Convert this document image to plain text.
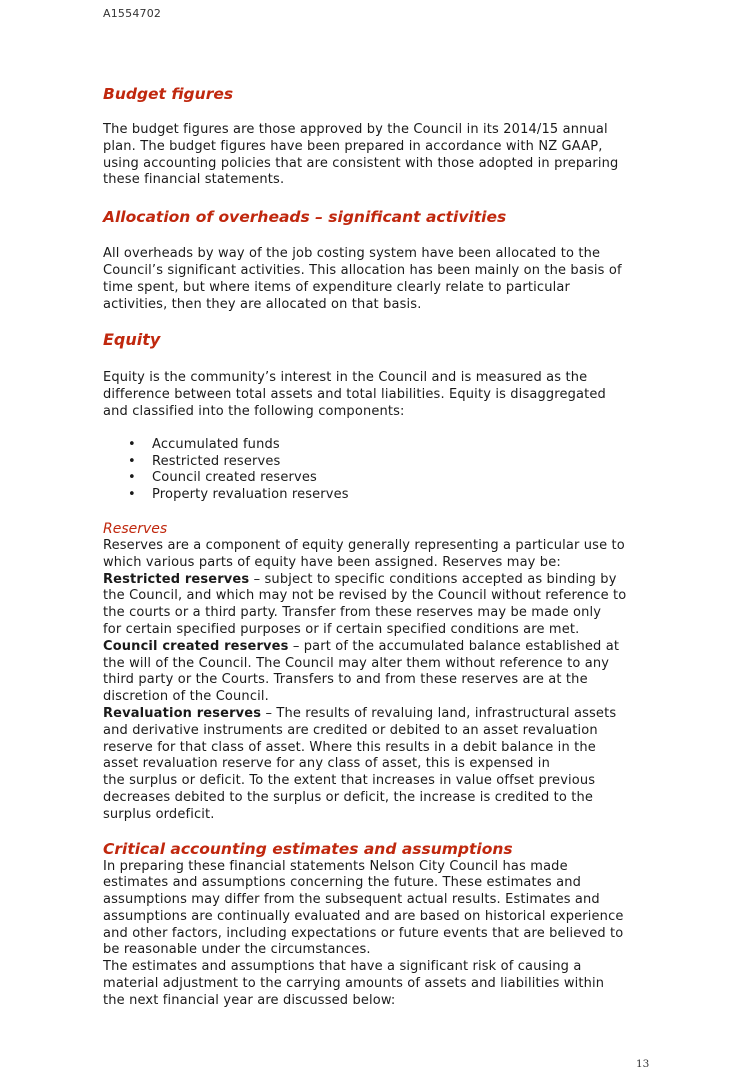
A1554702
Budget figures

The budget figures are those approved by the Council in its 2014/15 annual

plan. The budget figures have been prepared in accordance with NZ GAAP,

using accounting policies that are consistent with those adopted in preparing

these financial statements.

Allocation of overheads – significant activities

All overheads by way of the job costing system have been allocated to the

Council’s significant activities. This allocation has been mainly on the basis of

time spent, but where items of expenditure clearly relate to particular

activities, then they are allocated on that basis.

Equity

Equity is the community’s interest in the Council and is measured as the

difference between total assets and total liabilities. Equity is disaggregated

and classified into the following components:

• Accumulated funds
• Restricted reserves
• Council created reserves
• Property revaluation reserves
Reserves

Reserves are a component of equity generally representing a particular use to

which various parts of equity have been assigned. Reserves may be:

Restricted reserves – subject to specific conditions accepted as binding by

the Council, and which may not be revised by the Council without reference to

the courts or a third party. Transfer from these reserves may be made only

for certain specified purposes or if certain specified conditions are met.

Council created reserves – part of the accumulated balance established at

the will of the Council. The Council may alter them without reference to any

third party or the Courts. Transfers to and from these reserves are at the

discretion of the Council.

Revaluation reserves – The results of revaluing land, infrastructural assets

and derivative instruments are credited or debited to an asset revaluation

reserve for that class of asset. Where this results in a debit balance in the

asset revaluation reserve for any class of asset, this is expensed in

the surplus or deficit. To the extent that increases in value offset previous

decreases debited to the surplus or deficit, the increase is credited to the

surplus ordeficit.

Critical accounting estimates and assumptions

In preparing these financial statements Nelson City Council has made

estimates and assumptions concerning the future. These estimates and

assumptions may differ from the subsequent actual results. Estimates and

assumptions are continually evaluated and are based on historical experience

and other factors, including expectations or future events that are believed to

be reasonable under the circumstances.

The estimates and assumptions that have a significant risk of causing a

material adjustment to the carrying amounts of assets and liabilities within

the next financial year are discussed below:

13
